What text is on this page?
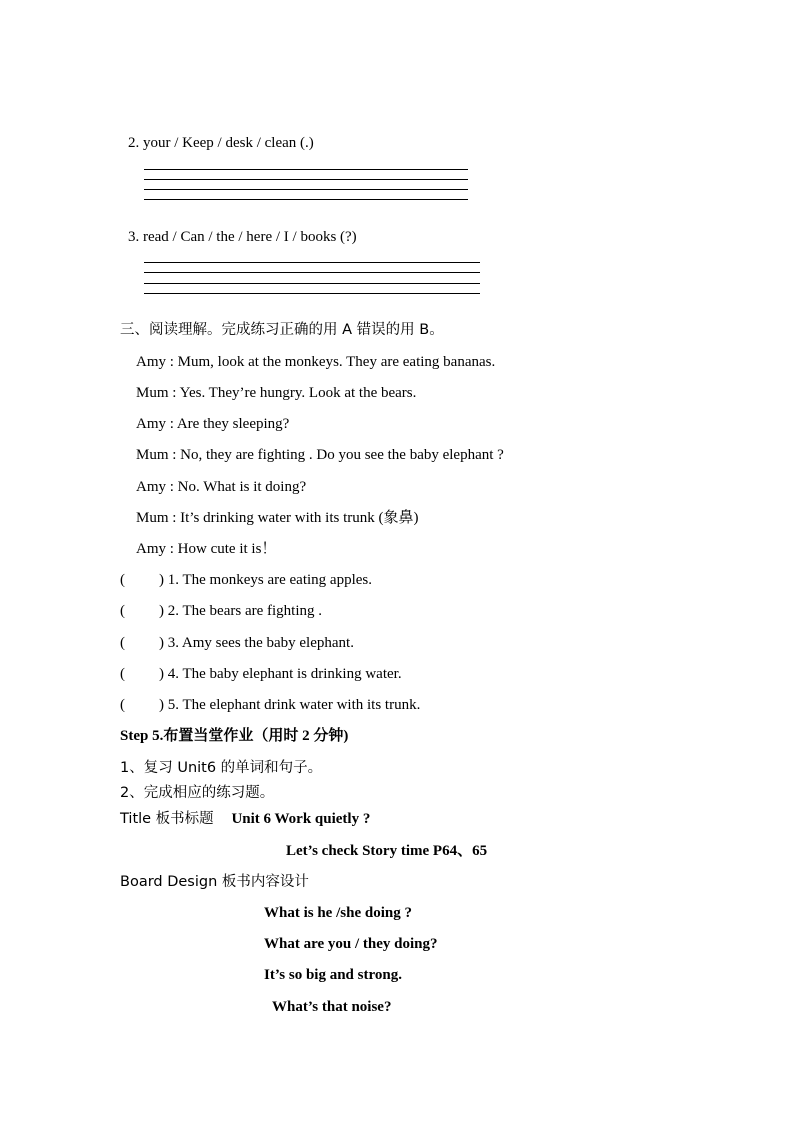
2. your / Keep / desk / clean (.)
3. read / Can / the / here / I / books (?)
三、阅读理解。完成练习正确的用 A 错误的用 B。
Amy : Mum, look at the monkeys. They are eating bananas.
Mum : Yes. They’re hungry. Look at the bears.
Amy : Are they sleeping?
Mum : No, they are fighting . Do you see the baby elephant ?
Amy : No. What is it doing?
Mum : It’s drinking water with its trunk (象鼻)
Amy : How cute it is！
( ) 1. The monkeys are eating apples.
( ) 2. The bears are fighting .
( ) 3. Amy sees the baby elephant.
( ) 4. The baby elephant is drinking water.
( ) 5. The elephant drink water with its trunk.
Step 5.布置当堂作业（用时 2 分钟)
1、复习 Unit6 的单词和句子。
2、完成相应的练习题。
Title 板书标题 Unit 6 Work quietly ?
Let’s check Story time P64、65
Board Design 板书内容设计
What is he /she doing ?
What are you / they doing?
It’s so big and strong.
What’s that noise?
